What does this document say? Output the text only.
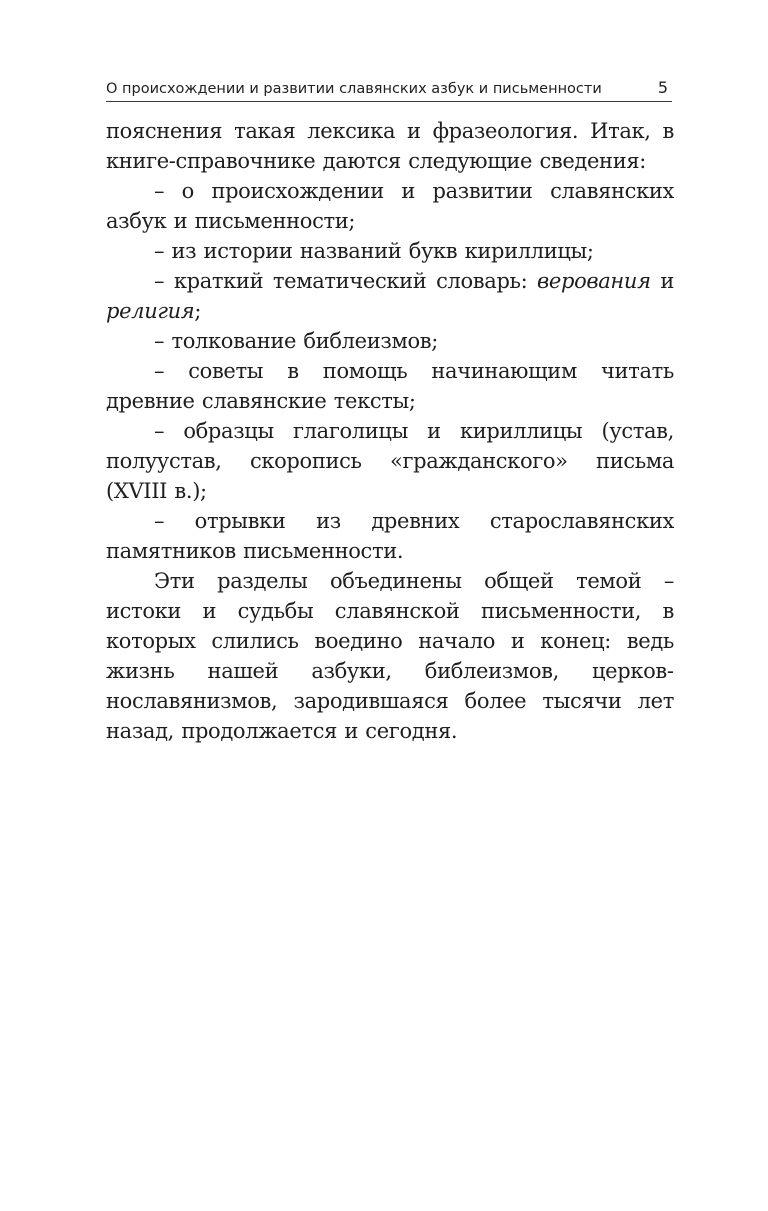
О происхождении и развитии славянских азбук и письменности	5

пояснения такая лексика и фразеология. Итак, в книге-справочнике даются следующие сведения:

– о происхождении и развитии славянских азбук и письменности;

– из истории названий букв кириллицы;

– краткий тематический словарь: верования и религия;

– толкование библеизмов;

– советы в помощь начинающим читать древние славянские тексты;

– образцы глаголицы и кириллицы (устав, полуустав, скоропись «гражданского» письма (XVIII в.);

– отрывки из древних старославянских памятников письменности.

Эти разделы объединены общей темой – истоки и судьбы славянской письменности, в которых слились воедино начало и конец: ведь жизнь нашей азбуки, библеизмов, церковнославянизмов, зародившаяся более тысячи лет назад, продолжается и сегодня.
